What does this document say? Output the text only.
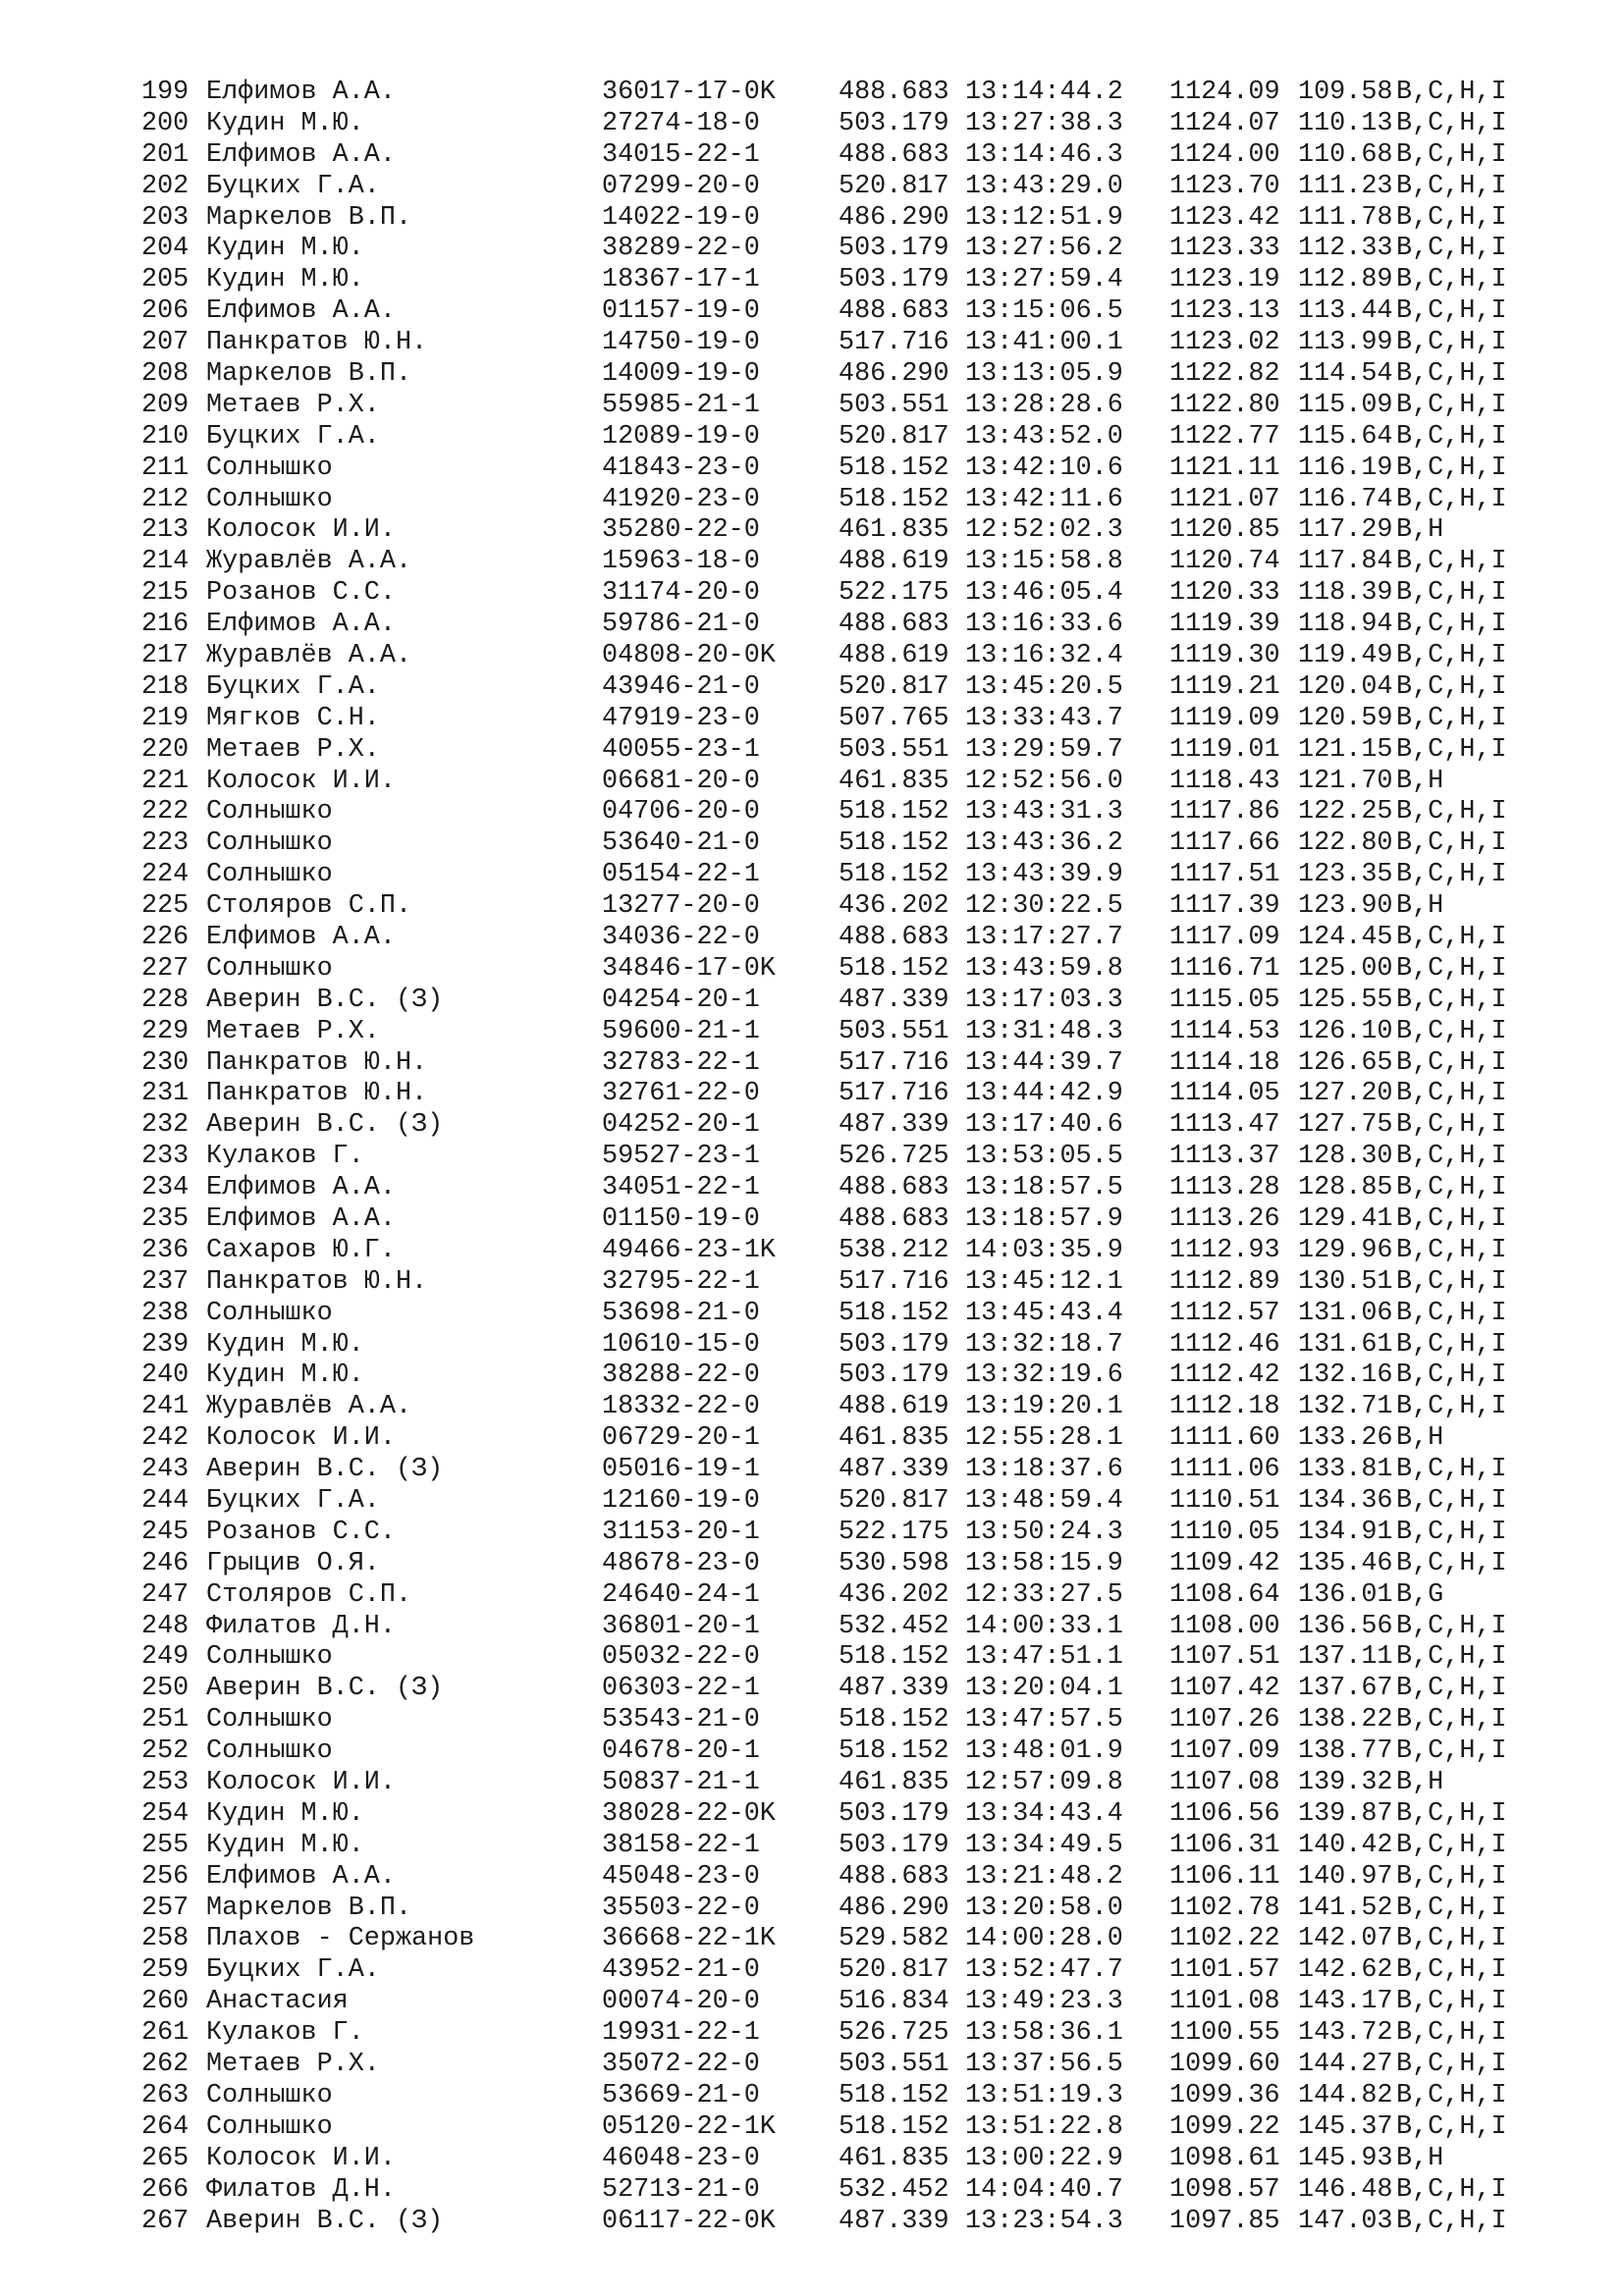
199 Елфимов А.А.	36017-17-0K	488.683 13:14:44.2	1124.09 109.58 B,C,H,I
200 Кудин М.Ю.	27274-18-0	503.179 13:27:38.3	1124.07 110.13 B,C,H,I
201 Елфимов А.А.	34015-22-1	488.683 13:14:46.3	1124.00 110.68 B,C,H,I
202 Буцких Г.А.	07299-20-0	520.817 13:43:29.0	1123.70 111.23 B,C,H,I
203 Маркелов В.П.	14022-19-0	486.290 13:12:51.9	1123.42 111.78 B,C,H,I
204 Кудин М.Ю.	38289-22-0	503.179 13:27:56.2	1123.33 112.33 B,C,H,I
205 Кудин М.Ю.	18367-17-1	503.179 13:27:59.4	1123.19 112.89 B,C,H,I
206 Елфимов А.А.	01157-19-0	488.683 13:15:06.5	1123.13 113.44 B,C,H,I
207 Панкратов Ю.Н.	14750-19-0	517.716 13:41:00.1	1123.02 113.99 B,C,H,I
208 Маркелов В.П.	14009-19-0	486.290 13:13:05.9	1122.82 114.54 B,C,H,I
209 Метаев Р.Х.	55985-21-1	503.551 13:28:28.6	1122.80 115.09 B,C,H,I
210 Буцких Г.А.	12089-19-0	520.817 13:43:52.0	1122.77 115.64 B,C,H,I
211 Солнышко	41843-23-0	518.152 13:42:10.6	1121.11 116.19 B,C,H,I
212 Солнышко	41920-23-0	518.152 13:42:11.6	1121.07 116.74 B,C,H,I
213 Колосок И.И.	35280-22-0	461.835 12:52:02.3	1120.85 117.29 B,H
214 Журавлёв А.А.	15963-18-0	488.619 13:15:58.8	1120.74 117.84 B,C,H,I
215 Розанов С.С.	31174-20-0	522.175 13:46:05.4	1120.33 118.39 B,C,H,I
216 Елфимов А.А.	59786-21-0	488.683 13:16:33.6	1119.39 118.94 B,C,H,I
217 Журавлёв А.А.	04808-20-0K	488.619 13:16:32.4	1119.30 119.49 B,C,H,I
218 Буцких Г.А.	43946-21-0	520.817 13:45:20.5	1119.21 120.04 B,C,H,I
219 Мягков С.Н.	47919-23-0	507.765 13:33:43.7	1119.09 120.59 B,C,H,I
220 Метаев Р.Х.	40055-23-1	503.551 13:29:59.7	1119.01 121.15 B,C,H,I
221 Колосок И.И.	06681-20-0	461.835 12:52:56.0	1118.43 121.70 B,H
222 Солнышко	04706-20-0	518.152 13:43:31.3	1117.86 122.25 B,C,H,I
223 Солнышко	53640-21-0	518.152 13:43:36.2	1117.66 122.80 B,C,H,I
224 Солнышко	05154-22-1	518.152 13:43:39.9	1117.51 123.35 B,C,H,I
225 Столяров С.П.	13277-20-0	436.202 12:30:22.5	1117.39 123.90 B,H
226 Елфимов А.А.	34036-22-0	488.683 13:17:27.7	1117.09 124.45 B,C,H,I
227 Солнышко	34846-17-0K	518.152 13:43:59.8	1116.71 125.00 B,C,H,I
228 Аверин В.С. (З)	04254-20-1	487.339 13:17:03.3	1115.05 125.55 B,C,H,I
229 Метаев Р.Х.	59600-21-1	503.551 13:31:48.3	1114.53 126.10 B,C,H,I
230 Панкратов Ю.Н.	32783-22-1	517.716 13:44:39.7	1114.18 126.65 B,C,H,I
231 Панкратов Ю.Н.	32761-22-0	517.716 13:44:42.9	1114.05 127.20 B,C,H,I
232 Аверин В.С. (З)	04252-20-1	487.339 13:17:40.6	1113.47 127.75 B,C,H,I
233 Кулаков Г.	59527-23-1	526.725 13:53:05.5	1113.37 128.30 B,C,H,I
234 Елфимов А.А.	34051-22-1	488.683 13:18:57.5	1113.28 128.85 B,C,H,I
235 Елфимов А.А.	01150-19-0	488.683 13:18:57.9	1113.26 129.41 B,C,H,I
236 Сахаров Ю.Г.	49466-23-1K	538.212 14:03:35.9	1112.93 129.96 B,C,H,I
237 Панкратов Ю.Н.	32795-22-1	517.716 13:45:12.1	1112.89 130.51 B,C,H,I
238 Солнышко	53698-21-0	518.152 13:45:43.4	1112.57 131.06 B,C,H,I
239 Кудин М.Ю.	10610-15-0	503.179 13:32:18.7	1112.46 131.61 B,C,H,I
240 Кудин М.Ю.	38288-22-0	503.179 13:32:19.6	1112.42 132.16 B,C,H,I
241 Журавлёв А.А.	18332-22-0	488.619 13:19:20.1	1112.18 132.71 B,C,H,I
242 Колосок И.И.	06729-20-1	461.835 12:55:28.1	1111.60 133.26 B,H
243 Аверин В.С. (З)	05016-19-1	487.339 13:18:37.6	1111.06 133.81 B,C,H,I
244 Буцких Г.А.	12160-19-0	520.817 13:48:59.4	1110.51 134.36 B,C,H,I
245 Розанов С.С.	31153-20-1	522.175 13:50:24.3	1110.05 134.91 B,C,H,I
246 Грыцив О.Я.	48678-23-0	530.598 13:58:15.9	1109.42 135.46 B,C,H,I
247 Столяров С.П.	24640-24-1	436.202 12:33:27.5	1108.64 136.01 B,G
248 Филатов Д.Н.	36801-20-1	532.452 14:00:33.1	1108.00 136.56 B,C,H,I
249 Солнышко	05032-22-0	518.152 13:47:51.1	1107.51 137.11 B,C,H,I
250 Аверин В.С. (З)	06303-22-1	487.339 13:20:04.1	1107.42 137.67 B,C,H,I
251 Солнышко	53543-21-0	518.152 13:47:57.5	1107.26 138.22 B,C,H,I
252 Солнышко	04678-20-1	518.152 13:48:01.9	1107.09 138.77 B,C,H,I
253 Колосок И.И.	50837-21-1	461.835 12:57:09.8	1107.08 139.32 B,H
254 Кудин М.Ю.	38028-22-0K	503.179 13:34:43.4	1106.56 139.87 B,C,H,I
255 Кудин М.Ю.	38158-22-1	503.179 13:34:49.5	1106.31 140.42 B,C,H,I
256 Елфимов А.А.	45048-23-0	488.683 13:21:48.2	1106.11 140.97 B,C,H,I
257 Маркелов В.П.	35503-22-0	486.290 13:20:58.0	1102.78 141.52 B,C,H,I
258 Плахов - Сержанов	36668-22-1K	529.582 14:00:28.0	1102.22 142.07 B,C,H,I
259 Буцких Г.А.	43952-21-0	520.817 13:52:47.7	1101.57 142.62 B,C,H,I
260 Анастасия	00074-20-0	516.834 13:49:23.3	1101.08 143.17 B,C,H,I
261 Кулаков Г.	19931-22-1	526.725 13:58:36.1	1100.55 143.72 B,C,H,I
262 Метаев Р.Х.	35072-22-0	503.551 13:37:56.5	1099.60 144.27 B,C,H,I
263 Солнышко	53669-21-0	518.152 13:51:19.3	1099.36 144.82 B,C,H,I
264 Солнышко	05120-22-1K	518.152 13:51:22.8	1099.22 145.37 B,C,H,I
265 Колосок И.И.	46048-23-0	461.835 13:00:22.9	1098.61 145.93 B,H
266 Филатов Д.Н.	52713-21-0	532.452 14:04:40.7	1098.57 146.48 B,C,H,I
267 Аверин В.С. (З)	06117-22-0K	487.339 13:23:54.3	1097.85 147.03 B,C,H,I
